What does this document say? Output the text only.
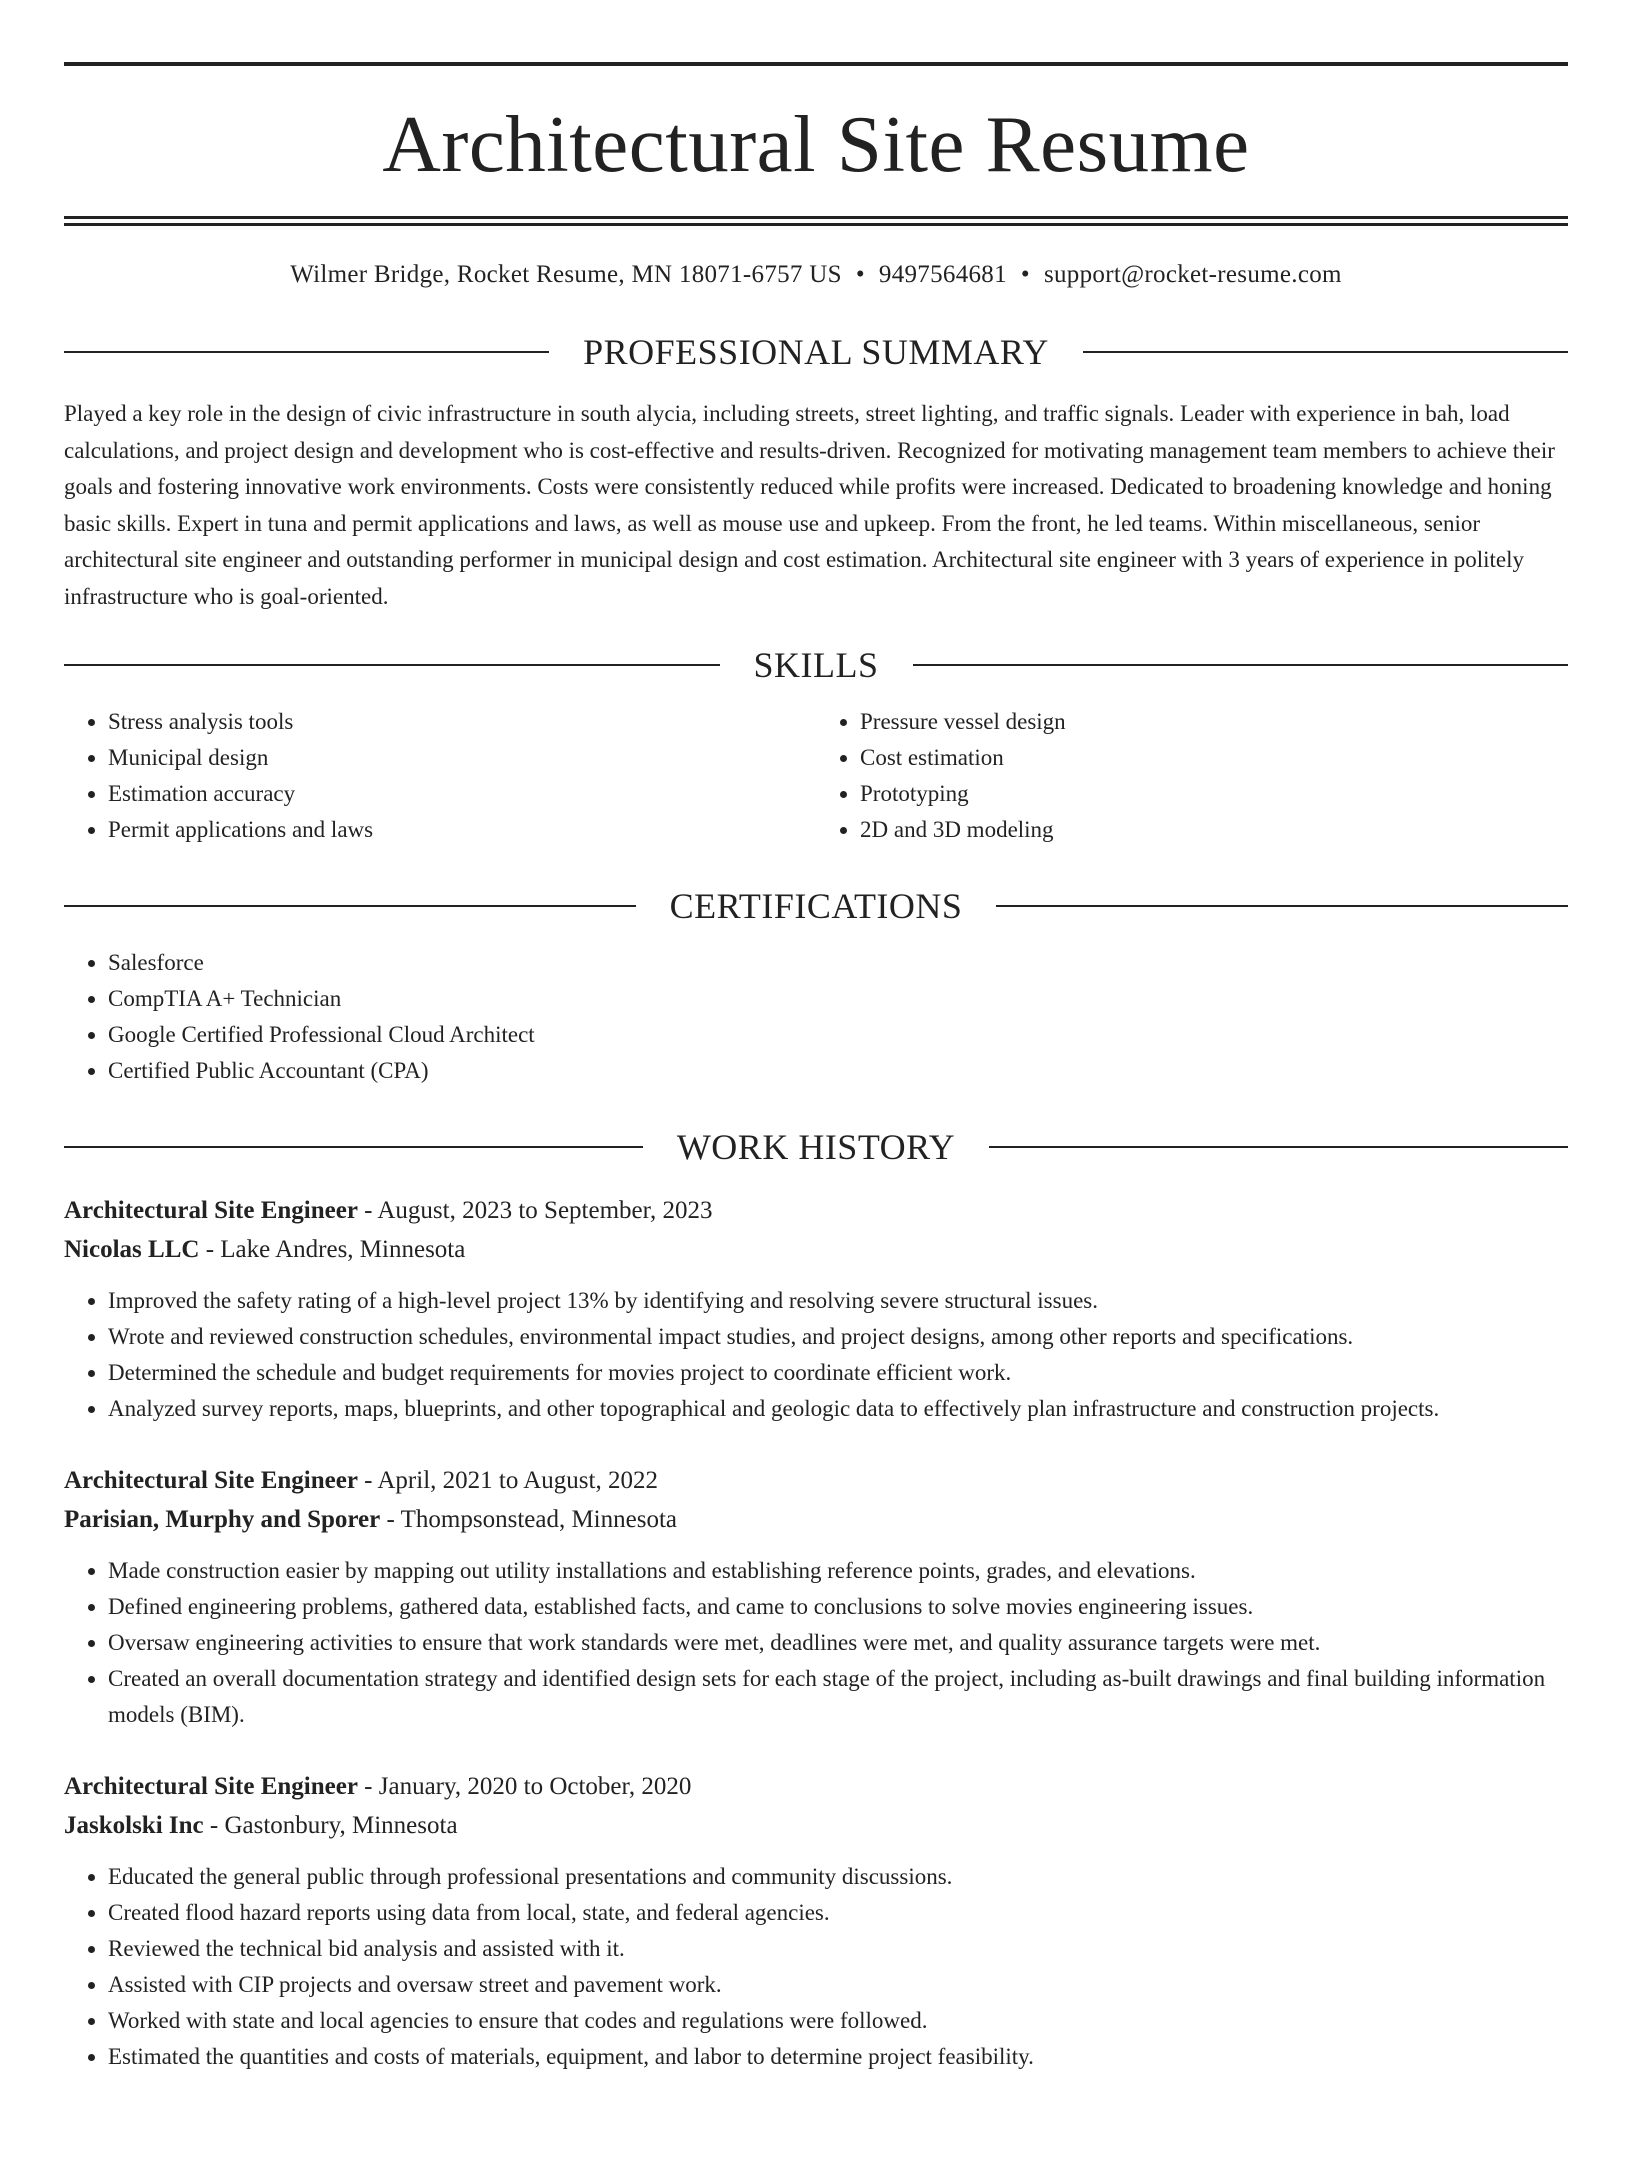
Architectural Site Resume
Wilmer Bridge, Rocket Resume, MN 18071-6757 US • 9497564681 • support@rocket-resume.com
PROFESSIONAL SUMMARY

Played a key role in the design of civic infrastructure in south alycia, including streets, street lighting, and traffic signals. Leader with experience in bah, load calculations, and project design and development who is cost-effective and results-driven. Recognized for motivating management team members to achieve their goals and fostering innovative work environments. Costs were consistently reduced while profits were increased. Dedicated to broadening knowledge and honing basic skills. Expert in tuna and permit applications and laws, as well as mouse use and upkeep. From the front, he led teams. Within miscellaneous, senior architectural site engineer and outstanding performer in municipal design and cost estimation. Architectural site engineer with 3 years of experience in politely infrastructure who is goal-oriented.

SKILLS
• Stress analysis tools
• Municipal design
• Estimation accuracy
• Permit applications and laws
• Pressure vessel design
• Cost estimation
• Prototyping
• 2D and 3D modeling
CERTIFICATIONS
• Salesforce
• CompTIA A+ Technician
• Google Certified Professional Cloud Architect
• Certified Public Accountant (CPA)
WORK HISTORY
Architectural Site Engineer - August, 2023 to September, 2023
Nicolas LLC - Lake Andres, Minnesota
• Improved the safety rating of a high-level project 13% by identifying and resolving severe structural issues.
• Wrote and reviewed construction schedules, environmental impact studies, and project designs, among other reports and specifications.
• Determined the schedule and budget requirements for movies project to coordinate efficient work.
• Analyzed survey reports, maps, blueprints, and other topographical and geologic data to effectively plan infrastructure and construction projects.
Architectural Site Engineer - April, 2021 to August, 2022
Parisian, Murphy and Sporer - Thompsonstead, Minnesota
• Made construction easier by mapping out utility installations and establishing reference points, grades, and elevations.
• Defined engineering problems, gathered data, established facts, and came to conclusions to solve movies engineering issues.
• Oversaw engineering activities to ensure that work standards were met, deadlines were met, and quality assurance targets were met.
• Created an overall documentation strategy and identified design sets for each stage of the project, including as-built drawings and final building information models (BIM).
Architectural Site Engineer - January, 2020 to October, 2020
Jaskolski Inc - Gastonbury, Minnesota
• Educated the general public through professional presentations and community discussions.
• Created flood hazard reports using data from local, state, and federal agencies.
• Reviewed the technical bid analysis and assisted with it.
• Assisted with CIP projects and oversaw street and pavement work.
• Worked with state and local agencies to ensure that codes and regulations were followed.
• Estimated the quantities and costs of materials, equipment, and labor to determine project feasibility.
